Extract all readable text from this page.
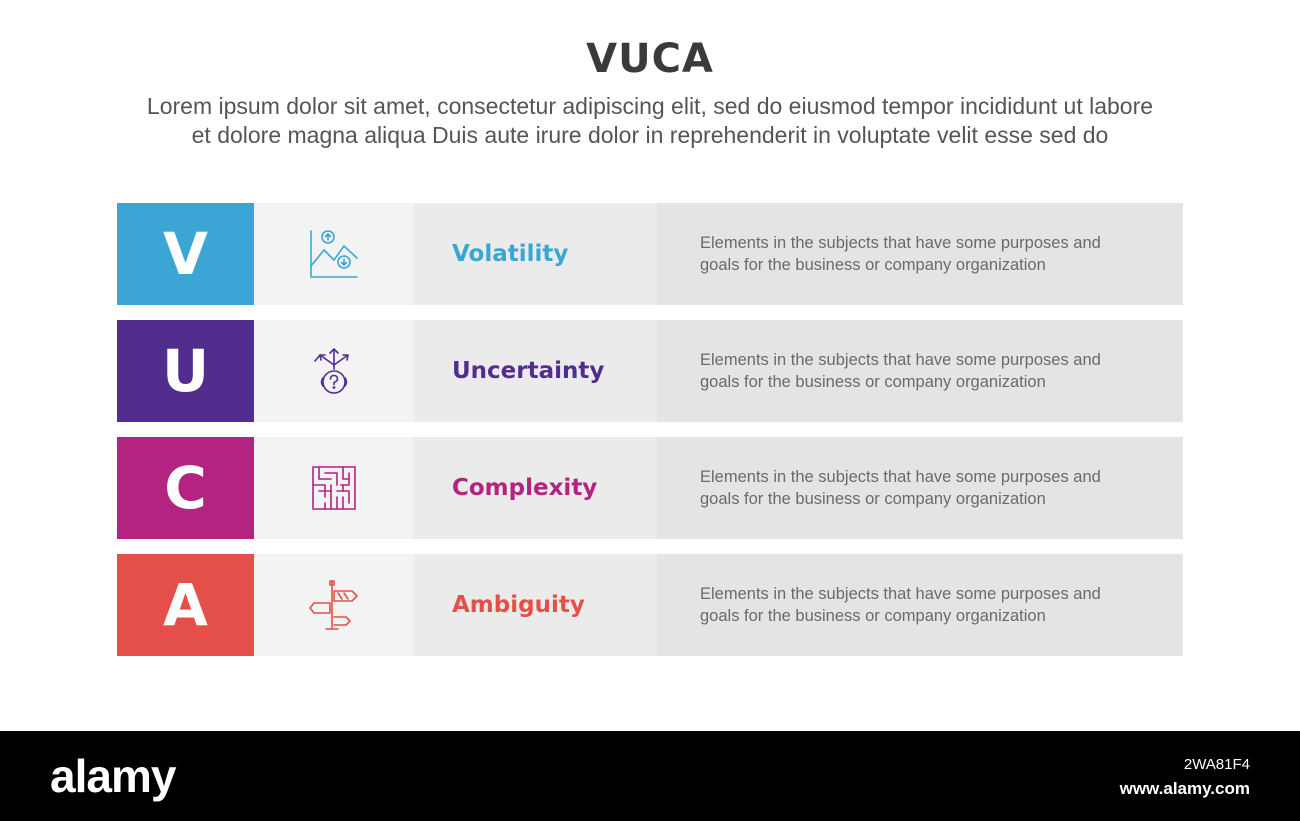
VUCA
Lorem ipsum dolor sit amet, consectetur adipiscing elit, sed do eiusmod tempor incididunt ut labore
et dolore magna aliqua Duis aute irure dolor in reprehenderit in voluptate velit esse sed do
V	Volatility	Elements in the subjects that have some purposes and
goals for the business or company organization
U	Uncertainty	Elements in the subjects that have some purposes and
goals for the business or company organization
C	Complexity	Elements in the subjects that have some purposes and
goals for the business or company organization
A	Ambiguity	Elements in the subjects that have some purposes and
goals for the business or company organization
alamy	2WA81F4
www.alamy.com
